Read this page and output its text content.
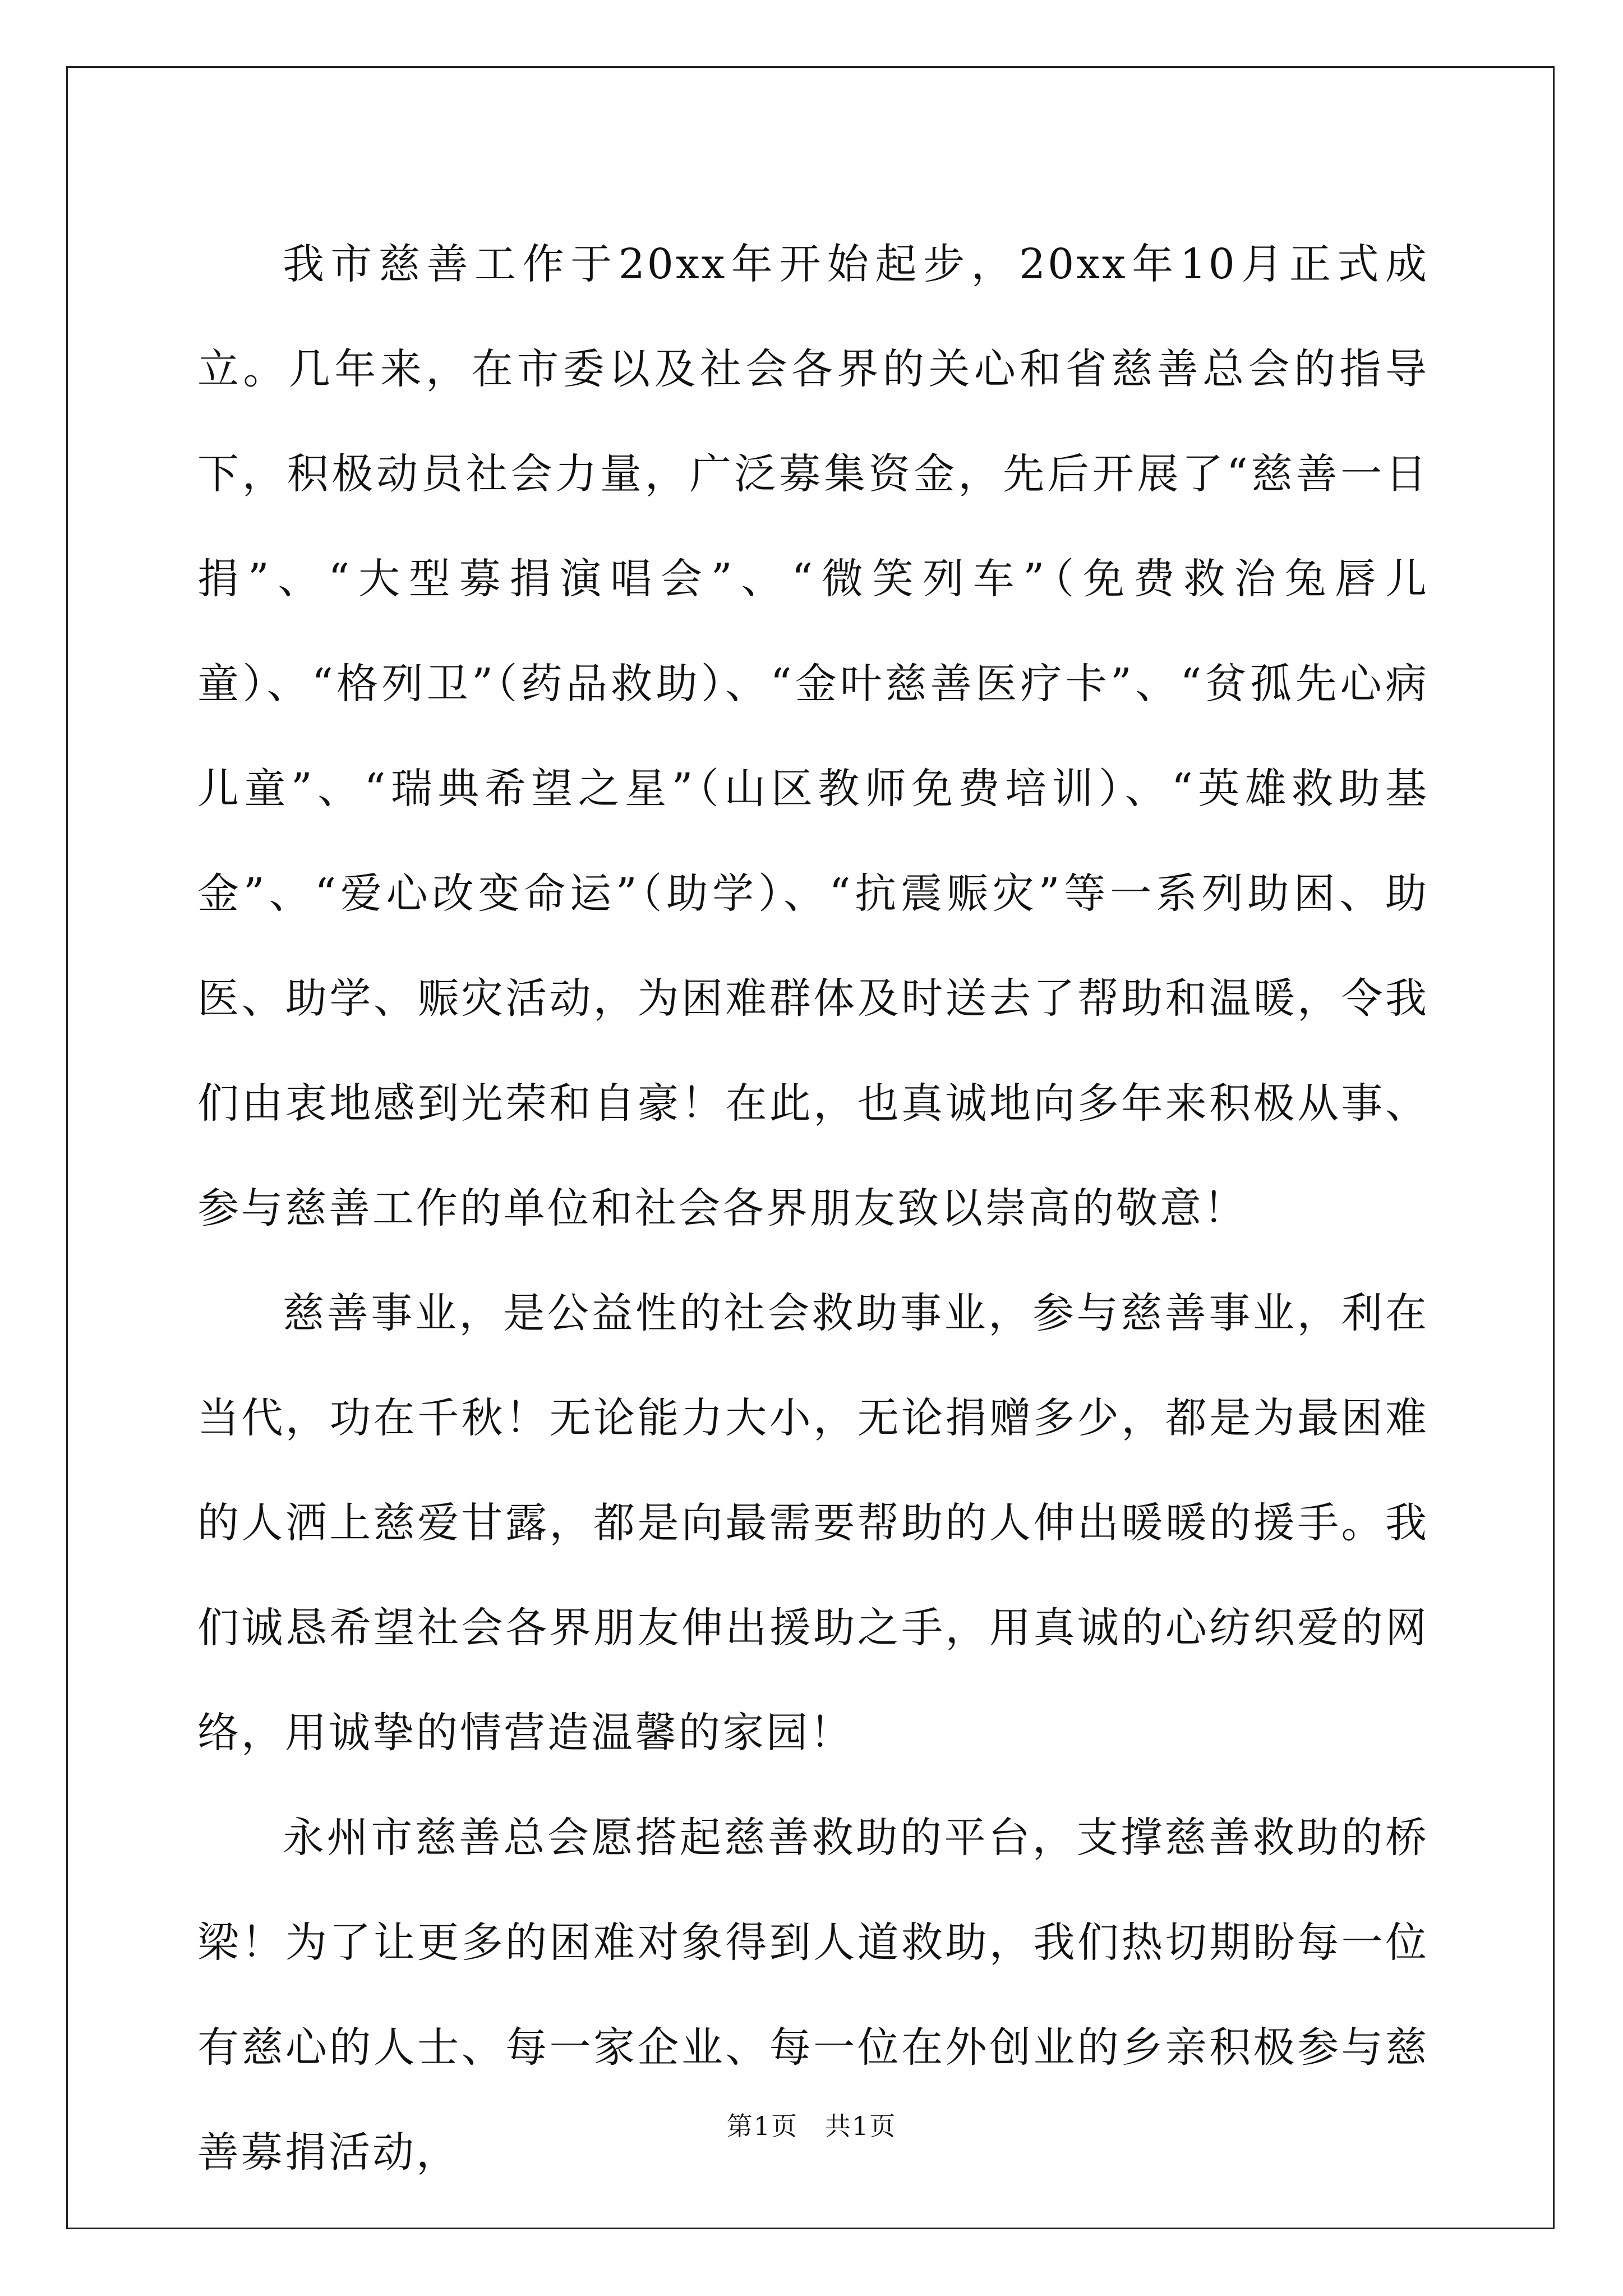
我市慈善工作于20xx年开始起步，20xx年10月正式成立。几年来，在市委以及社会各界的关心和省慈善总会的指导下，积极动员社会力量，广泛募集资金，先后开展了“慈善一日捐”、“大型募捐演唱会”、“微笑列车”（免费救治兔唇儿童）、“格列卫”（药品救助）、“金叶慈善医疗卡”、“贫孤先心病儿童”、“瑞典希望之星”（山区教师免费培训）、“英雄救助基金”、“爱心改变命运”（助学）、“抗震赈灾”等一系列助困、助医、助学、赈灾活动，为困难群体及时送去了帮助和温暖，令我们由衷地感到光荣和自豪！在此，也真诚地向多年来积极从事、参与慈善工作的单位和社会各界朋友致以崇高的敬意！

慈善事业，是公益性的社会救助事业，参与慈善事业，利在当代，功在千秋！无论能力大小，无论捐赠多少，都是为最困难的人洒上慈爱甘露，都是向最需要帮助的人伸出暖暖的援手。我们诚恳希望社会各界朋友伸出援助之手，用真诚的心纺织爱的网络，用诚挚的情营造温馨的家园！

永州市慈善总会愿搭起慈善救助的平台，支撑慈善救助的桥梁！为了让更多的困难对象得到人道救助，我们热切期盼每一位有慈心的人士、每一家企业、每一位在外创业的乡亲积极参与慈善募捐活动，

第1页　共1页
